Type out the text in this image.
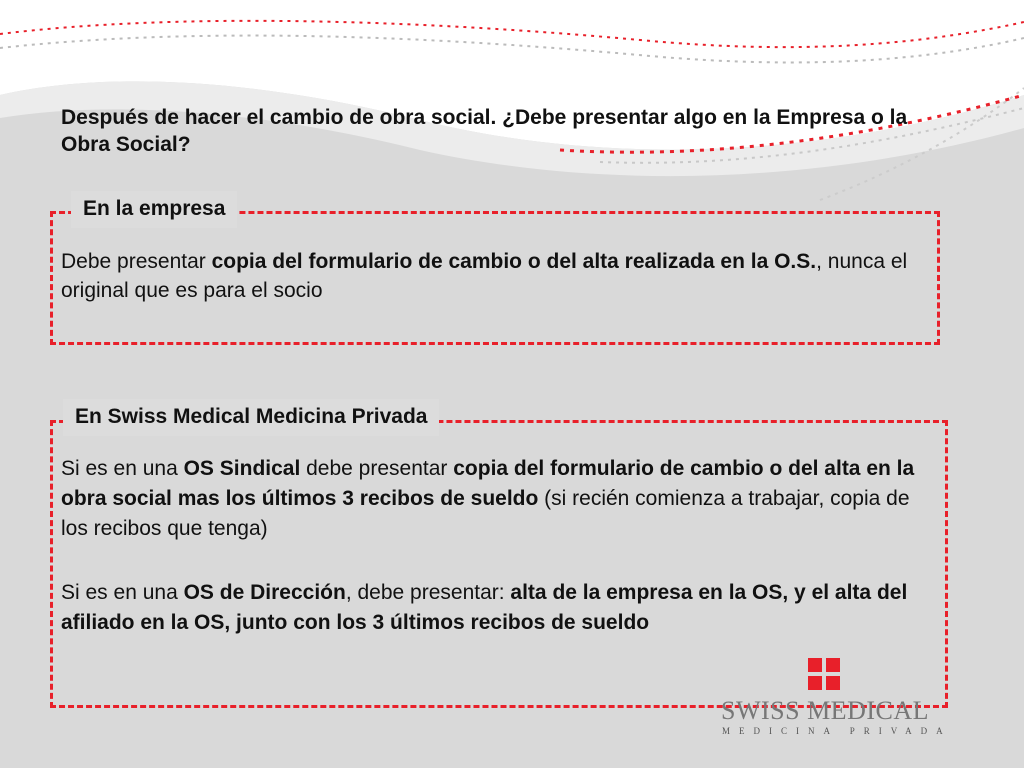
Después de hacer el cambio de obra social. ¿Debe presentar algo en la Empresa o la Obra Social?
En la empresa
Debe presentar copia del formulario de cambio o del alta realizada en la O.S., nunca el original que es para el socio
En Swiss Medical Medicina Privada
Si es en una OS Sindical debe presentar copia del formulario de cambio o del alta en la obra social mas los últimos 3 recibos de sueldo (si recién comienza a trabajar, copia de los recibos que tenga)
Si es en una OS de Dirección, debe presentar: alta de la empresa en la OS, y el alta del afiliado en la OS, junto con los 3 últimos recibos de sueldo
SWISS MEDICAL
MEDICINA PRIVADA
